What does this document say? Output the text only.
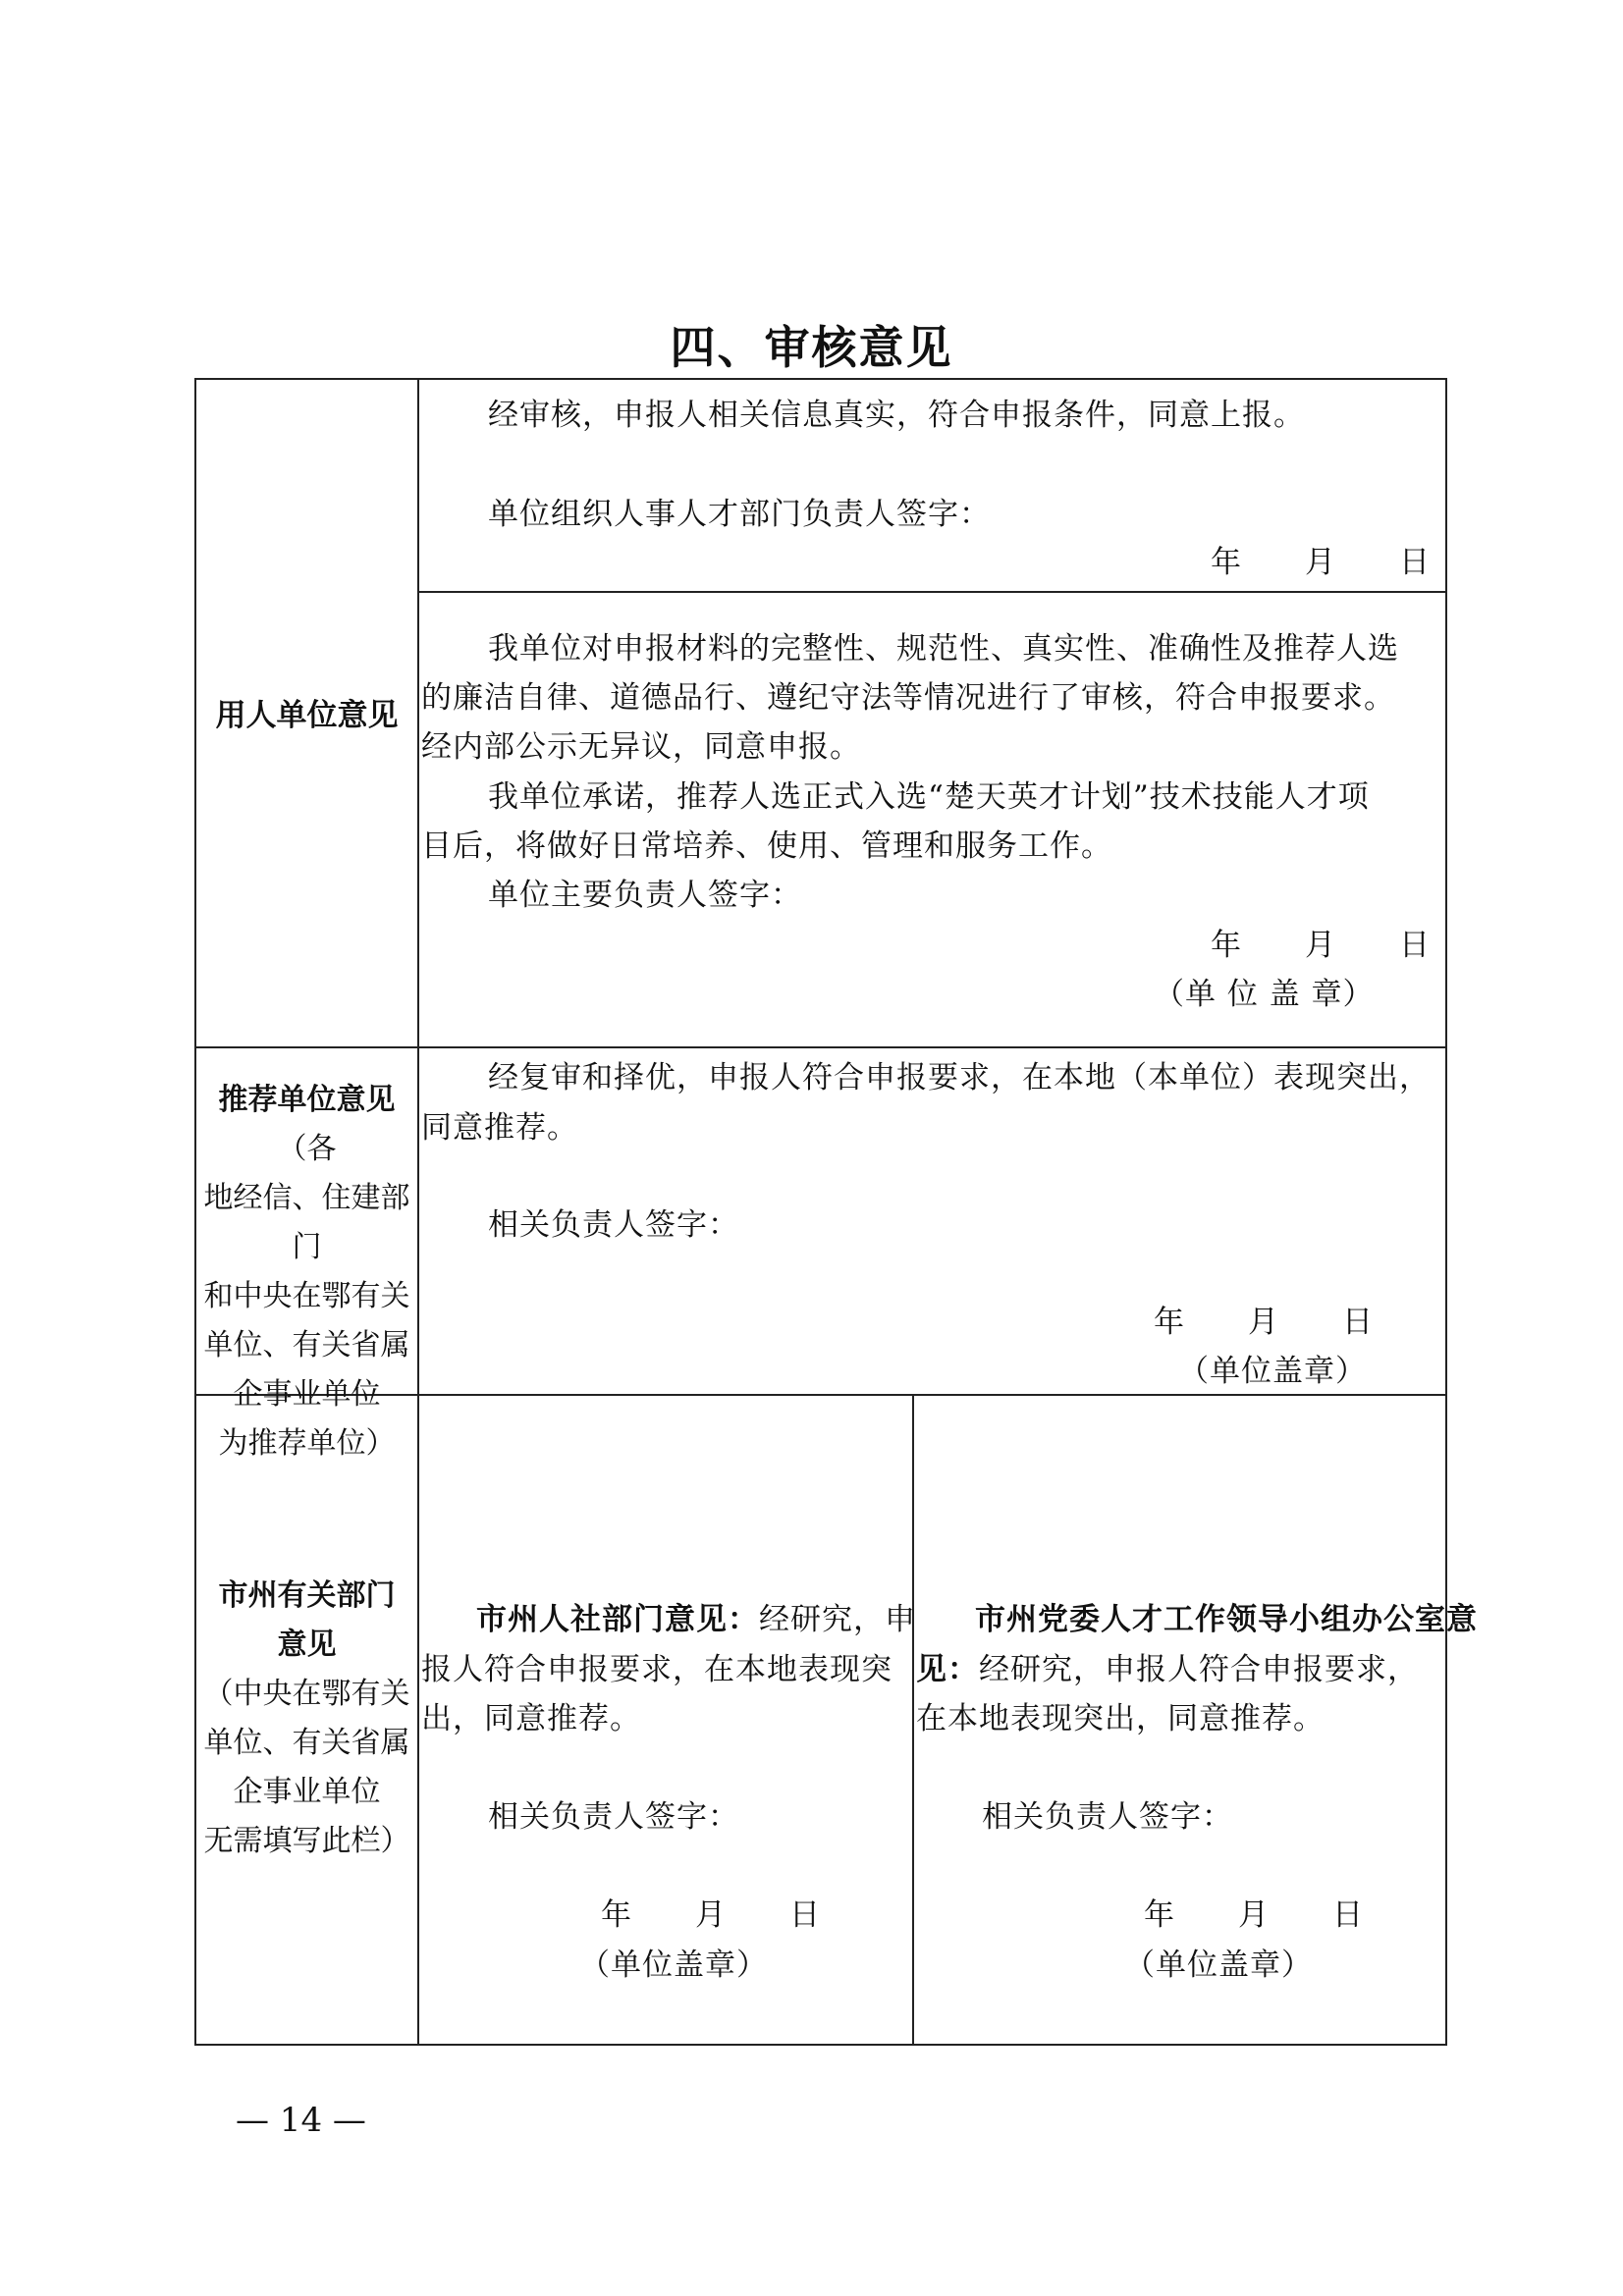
四、审核意见
用人单位意见
经审核，申报人相关信息真实，符合申报条件，同意上报。
单位组织人事人才部门负责人签字：
年　　月　　日
我单位对申报材料的完整性、规范性、真实性、准确性及推荐人选
的廉洁自律、道德品行、遵纪守法等情况进行了审核，符合申报要求。
经内部公示无异议，同意申报。
我单位承诺，推荐人选正式入选“楚天英才计划”技术技能人才项
目后，将做好日常培养、使用、管理和服务工作。
单位主要负责人签字：
年　　月　　日
（单 位 盖 章）
推荐单位意见（各
地经信、住建部门
和中央在鄂有关
单位、有关省属
企事业单位
为推荐单位）
经复审和择优，申报人符合申报要求，在本地（本单位）表现突出，
同意推荐。
相关负责人签字：
年　　月　　日
（单位盖章）
市州有关部门
意见
（中央在鄂有关
单位、有关省属
企事业单位
无需填写此栏）
市州人社部门意见：经研究，申
报人符合申报要求，在本地表现突
出，同意推荐。
相关负责人签字：
年　　月　　日
（单位盖章）
市州党委人才工作领导小组办公室意
见：经研究，申报人符合申报要求，
在本地表现突出，同意推荐。
相关负责人签字：
年　　月　　日
（单位盖章）
— 14 —
